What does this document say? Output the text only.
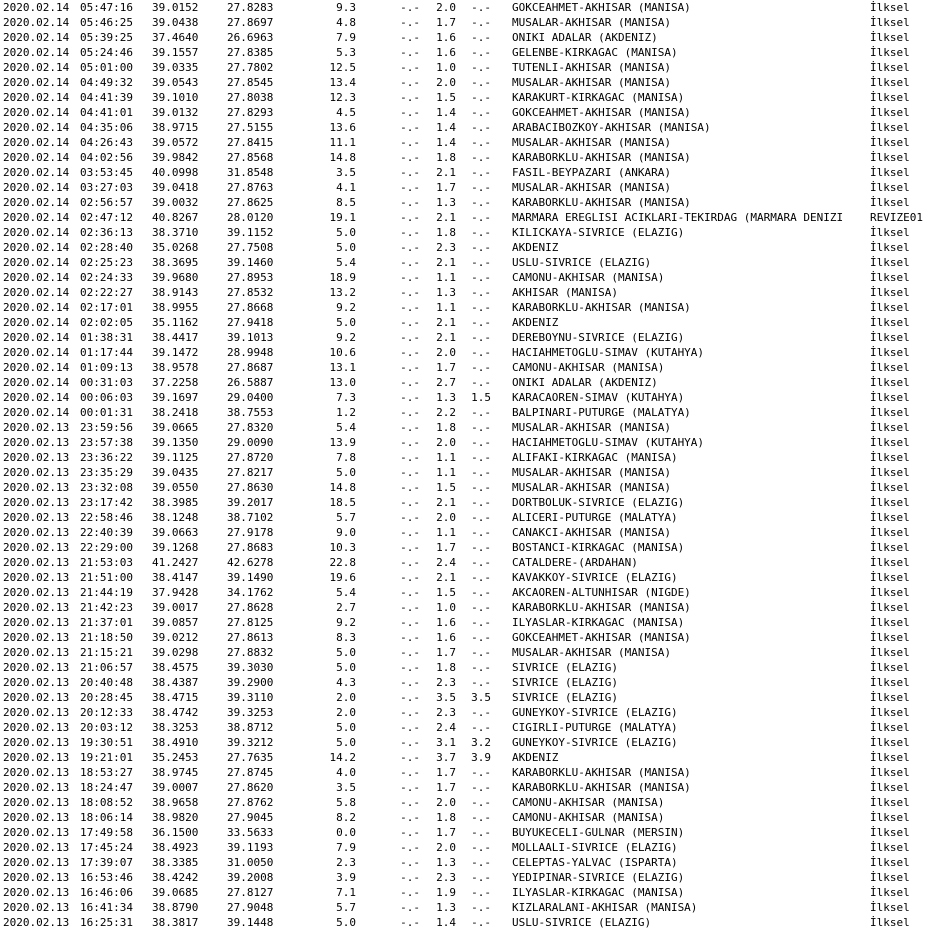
2020.02.14 05:47:16 39.0152	27.8283	9.3	-.- 2.0 -.- GOKCEAHMET-AKHISAR (MANISA)	İlksel
2020.02.14 05:46:25 39.0438	27.8697	4.8	-.- 1.7 -.- MUSALAR-AKHISAR (MANISA)	İlksel
2020.02.14 05:39:25 37.4640	26.6963	7.9	-.- 1.6 -.- ONIKI ADALAR (AKDENIZ)	İlksel
2020.02.14 05:24:46 39.1557	27.8385	5.3	-.- 1.6 -.- GELENBE-KIRKAGAC (MANISA)	İlksel
2020.02.14 05:01:00 39.0335	27.7802	12.5	-.- 1.0 -.- TUTENLI-AKHISAR (MANISA)	İlksel
2020.02.14 04:49:32 39.0543	27.8545	13.4	-.- 2.0 -.- MUSALAR-AKHISAR (MANISA)	İlksel
2020.02.14 04:41:39 39.1010	27.8038	12.3	-.- 1.5 -.- KARAKURT-KIRKAGAC (MANISA)	İlksel
2020.02.14 04:41:01 39.0132	27.8293	4.5	-.- 1.4 -.- GOKCEAHMET-AKHISAR (MANISA)	İlksel
2020.02.14 04:35:06 38.9715	27.5155	13.6	-.- 1.4 -.- ARABACIBOZKOY-AKHISAR (MANISA)	İlksel
2020.02.14 04:26:43 39.0572	27.8415	11.1	-.- 1.4 -.- MUSALAR-AKHISAR (MANISA)	İlksel
2020.02.14 04:02:56 39.9842	27.8568	14.8	-.- 1.8 -.- KARABORKLU-AKHISAR (MANISA)	İlksel
2020.02.14 03:53:45 40.0998	31.8548	3.5	-.- 2.1 -.- FASIL-BEYPAZARI (ANKARA)	İlksel
2020.02.14 03:27:03 39.0418	27.8763	4.1	-.- 1.7 -.- MUSALAR-AKHISAR (MANISA)	İlksel
2020.02.14 02:56:57 39.0032	27.8625	8.5	-.- 1.3 -.- KARABORKLU-AKHISAR (MANISA)	İlksel
2020.02.14 02:47:12 40.8267	28.0120	19.1	-.- 2.1 -.- MARMARA EREGLISI ACIKLARI-TEKIRDAG (MARMARA DENIZI REVIZE01
2020.02.14 02:36:13 38.3710	39.1152	5.0	-.- 1.8 -.- KILICKAYA-SIVRICE (ELAZIG)	İlksel
2020.02.14 02:28:40 35.0268	27.7508	5.0	-.- 2.3 -.- AKDENIZ	İlksel
2020.02.14 02:25:23 38.3695	39.1460	5.4	-.- 2.1 -.- USLU-SIVRICE (ELAZIG)	İlksel
2020.02.14 02:24:33 39.9680	27.8953	18.9	-.- 1.1 -.- CAMONU-AKHISAR (MANISA)	İlksel
2020.02.14 02:22:27 38.9143	27.8532	13.2	-.- 1.3 -.- AKHISAR (MANISA)	İlksel
2020.02.14 02:17:01 38.9955	27.8668	9.2	-.- 1.1 -.- KARABORKLU-AKHISAR (MANISA)	İlksel
2020.02.14 02:02:05 35.1162	27.9418	5.0	-.- 2.1 -.- AKDENIZ	İlksel
2020.02.14 01:38:31 38.4417	39.1013	9.2	-.- 2.1 -.- DEREBOYNU-SIVRICE (ELAZIG)	İlksel
2020.02.14 01:17:44 39.1472	28.9948	10.6	-.- 2.0 -.- HACIAHMETOGLU-SIMAV (KUTAHYA)	İlksel
2020.02.14 01:09:13 38.9578	27.8687	13.1	-.- 1.7 -.- CAMONU-AKHISAR (MANISA)	İlksel
2020.02.14 00:31:03 37.2258	26.5887	13.0	-.- 2.7 -.- ONIKI ADALAR (AKDENIZ)	İlksel
2020.02.14 00:06:03 39.1697	29.0400	7.3	-.- 1.3 1.5 KARACAOREN-SIMAV (KUTAHYA)	İlksel
2020.02.14 00:01:31 38.2418	38.7553	1.2	-.- 2.2 -.- BALPINARI-PUTURGE (MALATYA)	İlksel
2020.02.13 23:59:56 39.0665	27.8320	5.4	-.- 1.8 -.- MUSALAR-AKHISAR (MANISA)	İlksel
2020.02.13 23:57:38 39.1350	29.0090	13.9	-.- 2.0 -.- HACIAHMETOGLU-SIMAV (KUTAHYA)	İlksel
2020.02.13 23:36:22 39.1125	27.8720	7.8	-.- 1.1 -.- ALIFAKI-KIRKAGAC (MANISA)	İlksel
2020.02.13 23:35:29 39.0435	27.8217	5.0	-.- 1.1 -.- MUSALAR-AKHISAR (MANISA)	İlksel
2020.02.13 23:32:08 39.0550	27.8630	14.8	-.- 1.5 -.- MUSALAR-AKHISAR (MANISA)	İlksel
2020.02.13 23:17:42 38.3985	39.2017	18.5	-.- 2.1 -.- DORTBOLUK-SIVRICE (ELAZIG)	İlksel
2020.02.13 22:58:46 38.1248	38.7102	5.7	-.- 2.0 -.- ALICERI-PUTURGE (MALATYA)	İlksel
2020.02.13 22:40:39 39.0663	27.9178	9.0	-.- 1.1 -.- CANAKCI-AKHISAR (MANISA)	İlksel
2020.02.13 22:29:00 39.1268	27.8683	10.3	-.- 1.7 -.- BOSTANCI-KIRKAGAC (MANISA)	İlksel
2020.02.13 21:53:03 41.2427	42.6278	22.8	-.- 2.4 -.- CATALDERE-(ARDAHAN)	İlksel
2020.02.13 21:51:00 38.4147	39.1490	19.6	-.- 2.1 -.- KAVAKKOY-SIVRICE (ELAZIG)	İlksel
2020.02.13 21:44:19 37.9428	34.1762	5.4	-.- 1.5 -.- AKCAOREN-ALTUNHISAR (NIGDE)	İlksel
2020.02.13 21:42:23 39.0017	27.8628	2.7	-.- 1.0 -.- KARABORKLU-AKHISAR (MANISA)	İlksel
2020.02.13 21:37:01 39.0857	27.8125	9.2	-.- 1.6 -.- ILYASLAR-KIRKAGAC (MANISA)	İlksel
2020.02.13 21:18:50 39.0212	27.8613	8.3	-.- 1.6 -.- GOKCEAHMET-AKHISAR (MANISA)	İlksel
2020.02.13 21:15:21 39.0298	27.8832	5.0	-.- 1.7 -.- MUSALAR-AKHISAR (MANISA)	İlksel
2020.02.13 21:06:57 38.4575	39.3030	5.0	-.- 1.8 -.- SIVRICE (ELAZIG)	İlksel
2020.02.13 20:40:48 38.4387	39.2900	4.3	-.- 2.3 -.- SIVRICE (ELAZIG)	İlksel
2020.02.13 20:28:45 38.4715	39.3110	2.0	-.- 3.5 3.5 SIVRICE (ELAZIG)	İlksel
2020.02.13 20:12:33 38.4742	39.3253	2.0	-.- 2.3 -.- GUNEYKOY-SIVRICE (ELAZIG)	İlksel
2020.02.13 20:03:12 38.3253	38.8712	5.0	-.- 2.4 -.- CIGIRLI-PUTURGE (MALATYA)	İlksel
2020.02.13 19:30:51 38.4910	39.3212	5.0	-.- 3.1 3.2 GUNEYKOY-SIVRICE (ELAZIG)	İlksel
2020.02.13 19:21:01 35.2453	27.7635	14.2	-.- 3.7 3.9 AKDENIZ	İlksel
2020.02.13 18:53:27 38.9745	27.8745	4.0	-.- 1.7 -.- KARABORKLU-AKHISAR (MANISA)	İlksel
2020.02.13 18:24:47 39.0007	27.8620	3.5	-.- 1.7 -.- KARABORKLU-AKHISAR (MANISA)	İlksel
2020.02.13 18:08:52 38.9658	27.8762	5.8	-.- 2.0 -.- CAMONU-AKHISAR (MANISA)	İlksel
2020.02.13 18:06:14 38.9820	27.9045	8.2	-.- 1.8 -.- CAMONU-AKHISAR (MANISA)	İlksel
2020.02.13 17:49:58 36.1500	33.5633	0.0	-.- 1.7 -.- BUYUKECELI-GULNAR (MERSIN)	İlksel
2020.02.13 17:45:24 38.4923	39.1193	7.9	-.- 2.0 -.- MOLLAALI-SIVRICE (ELAZIG)	İlksel
2020.02.13 17:39:07 38.3385	31.0050	2.3	-.- 1.3 -.- CELEPTAS-YALVAC (ISPARTA)	İlksel
2020.02.13 16:53:46 38.4242	39.2008	3.9	-.- 2.3 -.- YEDIPINAR-SIVRICE (ELAZIG)	İlksel
2020.02.13 16:46:06 39.0685	27.8127	7.1	-.- 1.9 -.- ILYASLAR-KIRKAGAC (MANISA)	İlksel
2020.02.13 16:41:34 38.8790	27.9048	5.7	-.- 1.3 -.- KIZLARALANI-AKHISAR (MANISA)	İlksel
2020.02.13 16:25:31 38.3817	39.1448	5.0	-.- 1.4 -.- USLU-SIVRICE (ELAZIG)	İlksel
